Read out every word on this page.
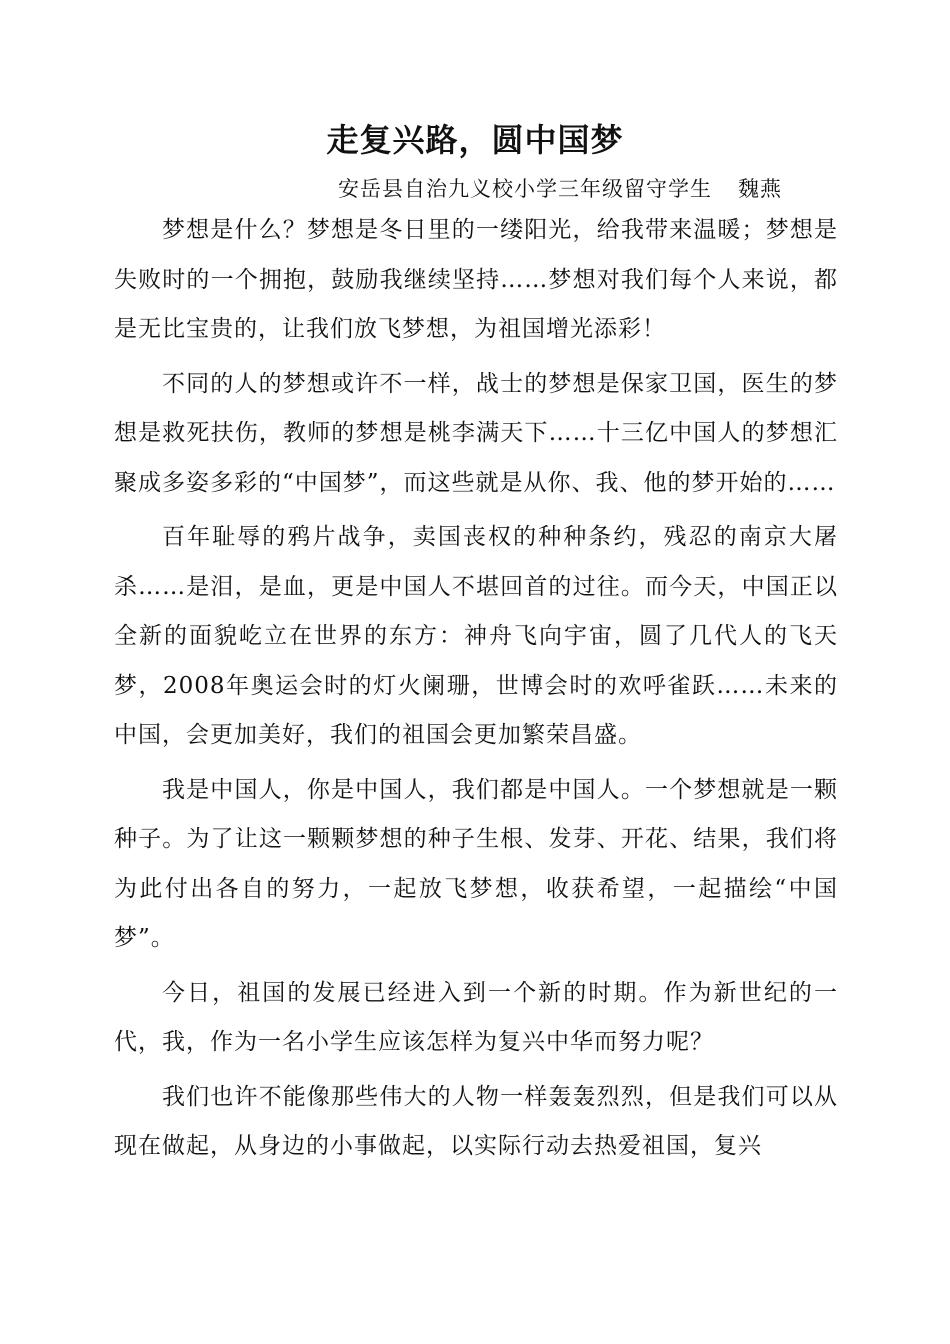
走复兴路，圆中国梦

安岳县自治九义校小学三年级留守学生 魏燕

梦想是什么？梦想是冬日里的一缕阳光，给我带来温暖；梦想是失败时的一个拥抱，鼓励我继续坚持……梦想对我们每个人来说，都是无比宝贵的，让我们放飞梦想，为祖国增光添彩！

不同的人的梦想或许不一样，战士的梦想是保家卫国，医生的梦想是救死扶伤，教师的梦想是桃李满天下……十三亿中国人的梦想汇聚成多姿多彩的“中国梦”，而这些就是从你、我、他的梦开始的……

百年耻辱的鸦片战争，卖国丧权的种种条约，残忍的南京大屠杀……是泪，是血，更是中国人不堪回首的过往。而今天，中国正以全新的面貌屹立在世界的东方：神舟飞向宇宙，圆了几代人的飞天梦，2008年奥运会时的灯火阑珊，世博会时的欢呼雀跃……未来的中国，会更加美好，我们的祖国会更加繁荣昌盛。

我是中国人，你是中国人，我们都是中国人。一个梦想就是一颗种子。为了让这一颗颗梦想的种子生根、发芽、开花、结果，我们将为此付出各自的努力，一起放飞梦想，收获希望，一起描绘“中国梦”。

今日，祖国的发展已经进入到一个新的时期。作为新世纪的一代，我，作为一名小学生应该怎样为复兴中华而努力呢？

我们也许不能像那些伟大的人物一样轰轰烈烈，但是我们可以从现在做起，从身边的小事做起，以实际行动去热爱祖国，复兴
